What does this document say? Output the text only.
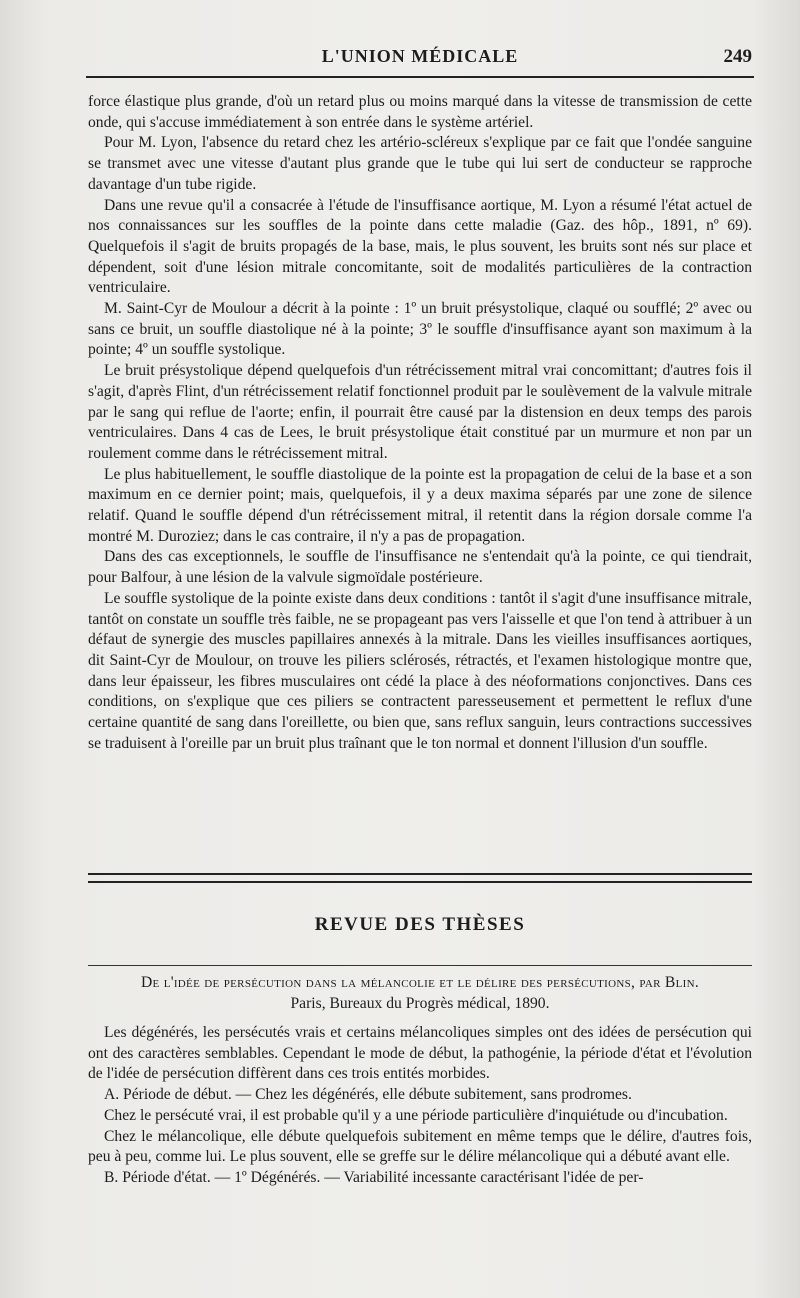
L'UNION MÉDICALE	249

force élastique plus grande, d'où un retard plus ou moins marqué dans la vitesse de transmission de cette onde, qui s'accuse immédiatement à son entrée dans le système artériel.

Pour M. Lyon, l'absence du retard chez les artério-scléreux s'explique par ce fait que l'ondée sanguine se transmet avec une vitesse d'autant plus grande que le tube qui lui sert de conducteur se rapproche davantage d'un tube rigide.

Dans une revue qu'il a consacrée à l'étude de l'insuffisance aortique, M. Lyon a résumé l'état actuel de nos connaissances sur les souffles de la pointe dans cette maladie (Gaz. des hôp., 1891, nº 69). Quelquefois il s'agit de bruits propagés de la base, mais, le plus souvent, les bruits sont nés sur place et dépendent, soit d'une lésion mitrale concomitante, soit de modalités particulières de la contraction ventriculaire.

M. Saint-Cyr de Moulour a décrit à la pointe : 1º un bruit présystolique, claqué ou soufflé; 2º avec ou sans ce bruit, un souffle diastolique né à la pointe; 3º le souffle d'insuffisance ayant son maximum à la pointe; 4º un souffle systolique.

Le bruit présystolique dépend quelquefois d'un rétrécissement mitral vrai concomittant; d'autres fois il s'agit, d'après Flint, d'un rétrécissement relatif fonctionnel produit par le soulèvement de la valvule mitrale par le sang qui reflue de l'aorte; enfin, il pourrait être causé par la distension en deux temps des parois ventriculaires. Dans 4 cas de Lees, le bruit présystolique était constitué par un murmure et non par un roulement comme dans le rétrécissement mitral.

Le plus habituellement, le souffle diastolique de la pointe est la propagation de celui de la base et a son maximum en ce dernier point; mais, quelquefois, il y a deux maxima séparés par une zone de silence relatif. Quand le souffle dépend d'un rétrécissement mitral, il retentit dans la région dorsale comme l'a montré M. Duroziez; dans le cas contraire, il n'y a pas de propagation.

Dans des cas exceptionnels, le souffle de l'insuffisance ne s'entendait qu'à la pointe, ce qui tiendrait, pour Balfour, à une lésion de la valvule sigmoïdale postérieure.

Le souffle systolique de la pointe existe dans deux conditions : tantôt il s'agit d'une insuffisance mitrale, tantôt on constate un souffle très faible, ne se propageant pas vers l'aisselle et que l'on tend à attribuer à un défaut de synergie des muscles papillaires annexés à la mitrale. Dans les vieilles insuffisances aortiques, dit Saint-Cyr de Moulour, on trouve les piliers sclérosés, rétractés, et l'examen histologique montre que, dans leur épaisseur, les fibres musculaires ont cédé la place à des néoformations conjonctives. Dans ces conditions, on s'explique que ces piliers se contractent paresseusement et permettent le reflux d'une certaine quantité de sang dans l'oreillette, ou bien que, sans reflux sanguin, leurs contractions successives se traduisent à l'oreille par un bruit plus traînant que le ton normal et donnent l'illusion d'un souffle.

REVUE DES THÈSES
De l'idée de persécution dans la mélancolie et le délire des persécutions, par Blin.
Paris, Bureaux du Progrès médical, 1890.

Les dégénérés, les persécutés vrais et certains mélancoliques simples ont des idées de persécution qui ont des caractères semblables. Cependant le mode de début, la pathogénie, la période d'état et l'évolution de l'idée de persécution diffèrent dans ces trois entités morbides.

A. Période de début. — Chez les dégénérés, elle débute subitement, sans prodromes.

Chez le persécuté vrai, il est probable qu'il y a une période particulière d'inquiétude ou d'incubation.

Chez le mélancolique, elle débute quelquefois subitement en même temps que le délire, d'autres fois, peu à peu, comme lui. Le plus souvent, elle se greffe sur le délire mélancolique qui a débuté avant elle.

B. Période d'état. — 1º Dégénérés. — Variabilité incessante caractérisant l'idée de per-
